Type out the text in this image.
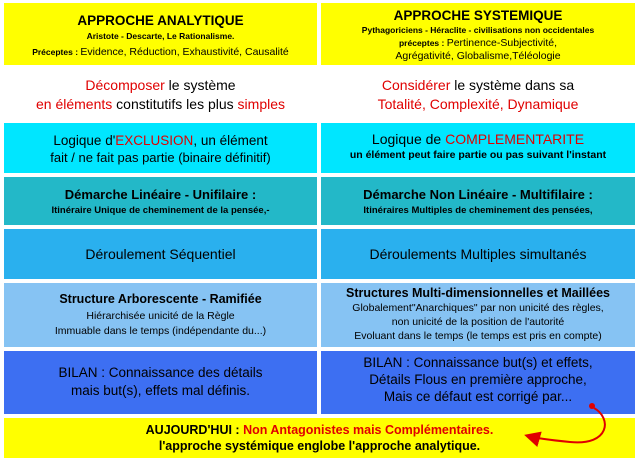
APPROCHE ANALYTIQUE
Aristote - Descarte, Le Rationalisme.
Préceptes : Evidence, Réduction, Exhaustivité, Causalité
APPROCHE SYSTEMIQUE
Pythagoriciens - Héraclite - civilisations non occidentales
préceptes : Pertinence-Subjectivité,
Agrégativité, Globalisme,Téléologie
Décomposer le système
en éléments constitutifs les plus simples
Considérer le système dans sa
Totalité, Complexité, Dynamique
Logique d'EXCLUSION, un élément
fait / ne fait pas partie (binaire définitif)
Logique de COMPLEMENTARITE
un élément peut faire partie ou pas suivant l'instant
Démarche Linéaire - Unifilaire :
Itinéraire Unique de cheminement de la pensée,-
Démarche Non Linéaire - Multifilaire :
Itinéraires Multiples de cheminement des pensées,
Déroulement Séquentiel	Déroulements Multiples simultanés
Structure Arborescente - Ramifiée
Hiérarchisée unicité de la Règle
Immuable dans le temps (indépendante du...)
Structures Multi-dimensionnelles et Maillées
Globalement"Anarchiques" par non unicité des règles,
non unicité de la position de l'autorité
Evoluant dans le temps (le temps est pris en compte)
BILAN : Connaissance des détails
mais but(s), effets mal définis.
BILAN : Connaissance but(s) et effets,
Détails Flous en première approche,
Mais ce défaut est corrigé par...
AUJOURD'HUI : Non Antagonistes mais Complémentaires.
l'approche systémique englobe l'approche analytique.
